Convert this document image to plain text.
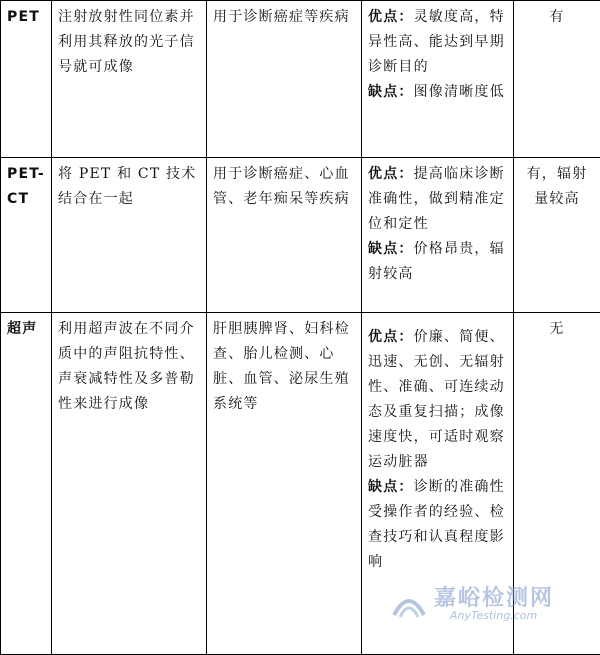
PET	注射放射性同位素并利用其释放的光子信号就可成像	用于诊断癌症等疾病	优点：灵敏度高，特异性高、能达到早期诊断目的
缺点：图像清晰度低	有
PET-CT	将 PET 和 CT 技术结合在一起	用于诊断癌症、心血管、老年痴呆等疾病	优点：提高临床诊断准确性，做到精准定位和定性
缺点：价格昂贵，辐射较高	有，辐射量较高
超声	利用超声波在不同介质中的声阻抗特性、声衰减特性及多普勒性来进行成像	肝胆胰脾肾、妇科检查、胎儿检测、心脏、血管、泌尿生殖系统等	优点：价廉、简便、迅速、无创、无辐射性、准确、可连续动态及重复扫描；成像速度快，可适时观察运动脏器
缺点：诊断的准确性受操作者的经验、检查技巧和认真程度影响	无
嘉峪检测网
AnyTesting.com
